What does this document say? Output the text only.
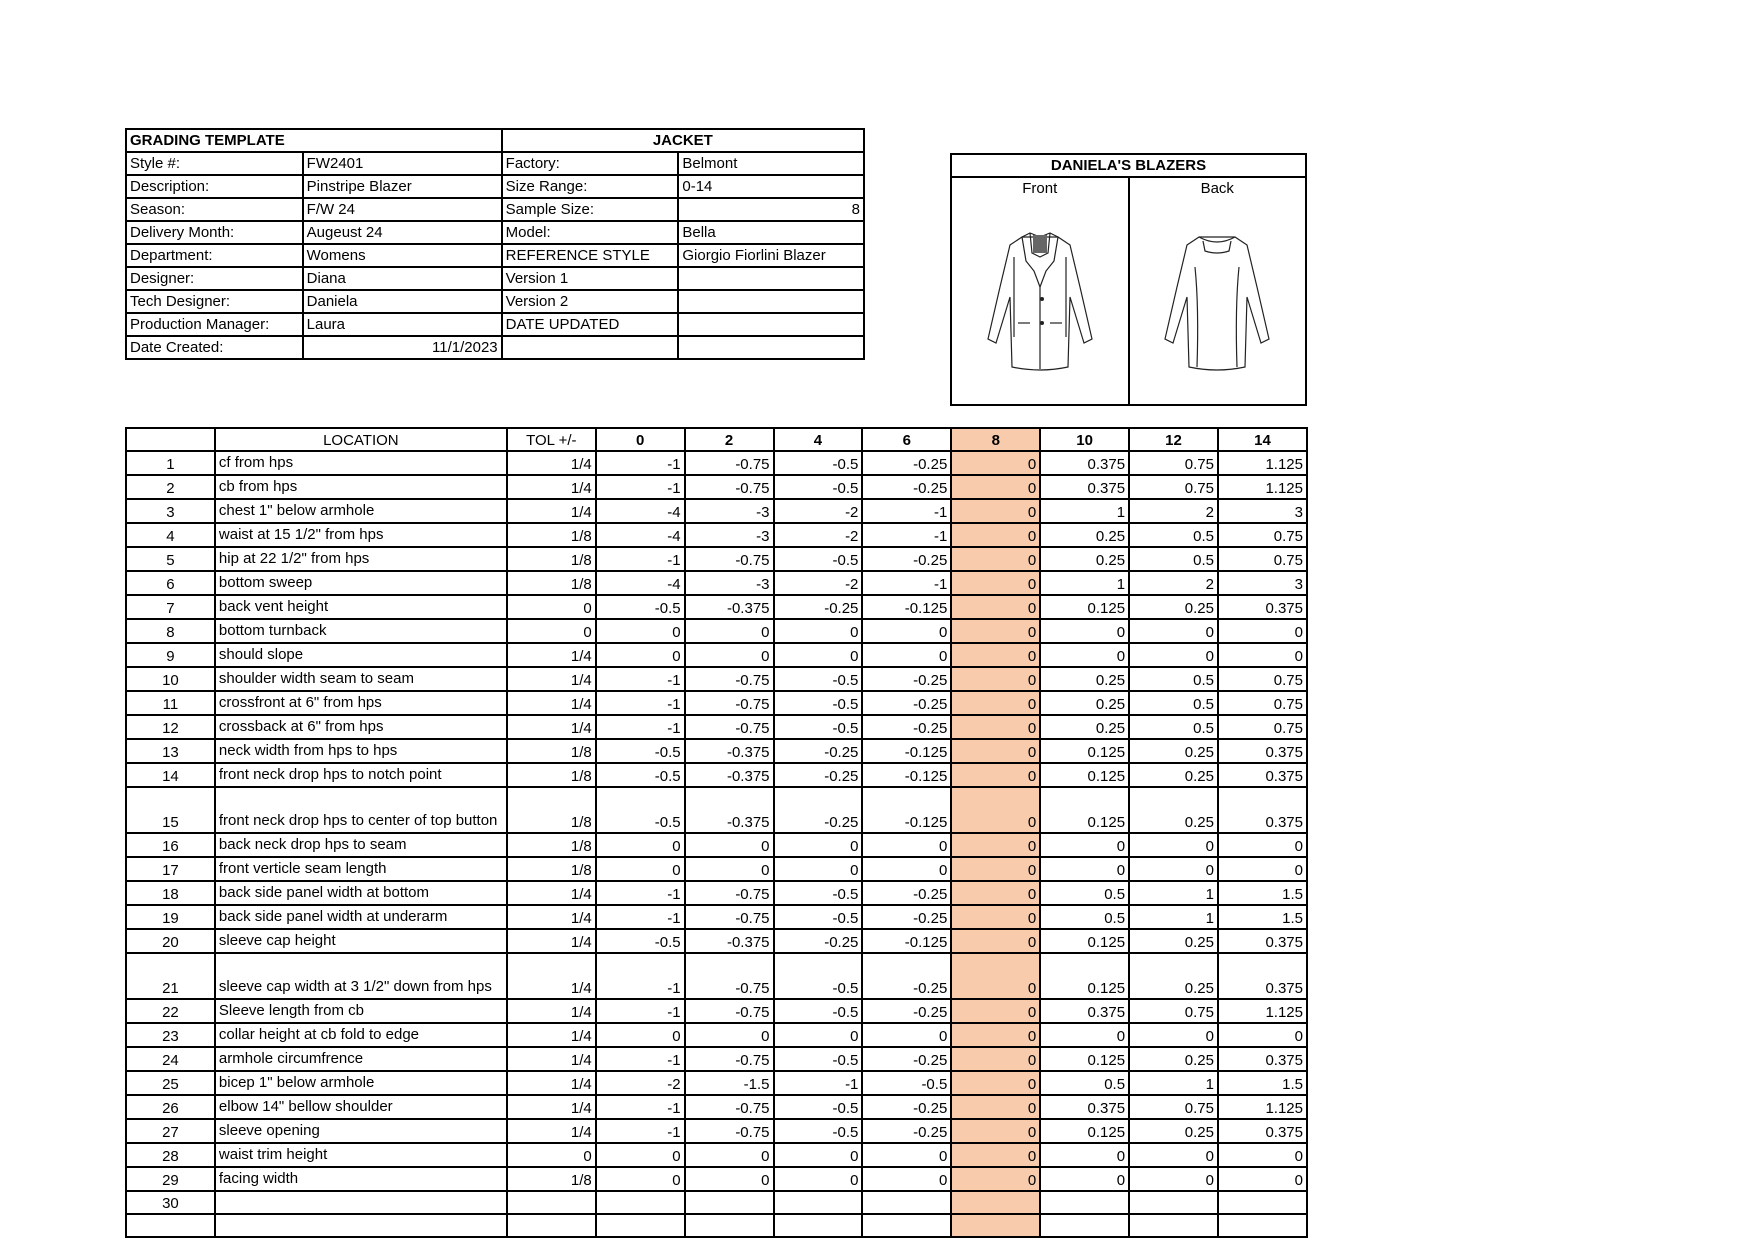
GRADING TEMPLATE		JACKET	
Style #:	FW2401	Factory:	Belmont
Description:	Pinstripe Blazer	Size Range:	0-14
Season:	F/W 24	Sample Size:	8
Delivery Month:	Augeust 24	Model:	Bella
Department:	Womens	REFERENCE STYLE	Giorgio Fiorlini Blazer
Designer:	Diana	Version 1	
Tech Designer:	Daniela	Version 2	
Production Manager:	Laura	DATE UPDATED	
Date Created:	11/1/2023		
DANIELA'S BLAZERS	
Front	Back

	LOCATION	TOL +/-	0	2	4	6	8	10	12	14
1	cf from hps	1/4	-1	-0.75	-0.5	-0.25	0	0.375	0.75	1.125
2	cb from hps	1/4	-1	-0.75	-0.5	-0.25	0	0.375	0.75	1.125
3	chest 1" below armhole	1/4	-4	-3	-2	-1	0	1	2	3
4	waist at 15 1/2" from hps	1/8	-4	-3	-2	-1	0	0.25	0.5	0.75
5	hip at 22 1/2" from hps	1/8	-1	-0.75	-0.5	-0.25	0	0.25	0.5	0.75
6	bottom sweep	1/8	-4	-3	-2	-1	0	1	2	3
7	back vent height	0	-0.5	-0.375	-0.25	-0.125	0	0.125	0.25	0.375
8	bottom turnback	0	0	0	0	0	0	0	0	0
9	should slope	1/4	0	0	0	0	0	0	0	0
10	shoulder width seam to seam	1/4	-1	-0.75	-0.5	-0.25	0	0.25	0.5	0.75
11	crossfront at 6" from hps	1/4	-1	-0.75	-0.5	-0.25	0	0.25	0.5	0.75
12	crossback at 6" from hps	1/4	-1	-0.75	-0.5	-0.25	0	0.25	0.5	0.75
13	neck width from hps to hps	1/8	-0.5	-0.375	-0.25	-0.125	0	0.125	0.25	0.375
14	front neck drop hps to notch point	1/8	-0.5	-0.375	-0.25	-0.125	0	0.125	0.25	0.375
15	front neck drop hps to center of top button	1/8	-0.5	-0.375	-0.25	-0.125	0	0.125	0.25	0.375
16	back neck drop hps to seam	1/8	0	0	0	0	0	0	0	0
17	front verticle seam length	1/8	0	0	0	0	0	0	0	0
18	back side panel width at bottom	1/4	-1	-0.75	-0.5	-0.25	0	0.5	1	1.5
19	back side panel width at underarm	1/4	-1	-0.75	-0.5	-0.25	0	0.5	1	1.5
20	sleeve cap height	1/4	-0.5	-0.375	-0.25	-0.125	0	0.125	0.25	0.375
21	sleeve cap width at 3 1/2" down from hps	1/4	-1	-0.75	-0.5	-0.25	0	0.125	0.25	0.375
22	Sleeve length from cb	1/4	-1	-0.75	-0.5	-0.25	0	0.375	0.75	1.125
23	collar height at cb fold to edge	1/4	0	0	0	0	0	0	0	0
24	armhole circumfrence	1/4	-1	-0.75	-0.5	-0.25	0	0.125	0.25	0.375
25	bicep 1" below armhole	1/4	-2	-1.5	-1	-0.5	0	0.5	1	1.5
26	elbow 14" bellow shoulder	1/4	-1	-0.75	-0.5	-0.25	0	0.375	0.75	1.125
27	sleeve opening	1/4	-1	-0.75	-0.5	-0.25	0	0.125	0.25	0.375
28	waist trim height	0	0	0	0	0	0	0	0	0
29	facing width	1/8	0	0	0	0	0	0	0	0
30										
